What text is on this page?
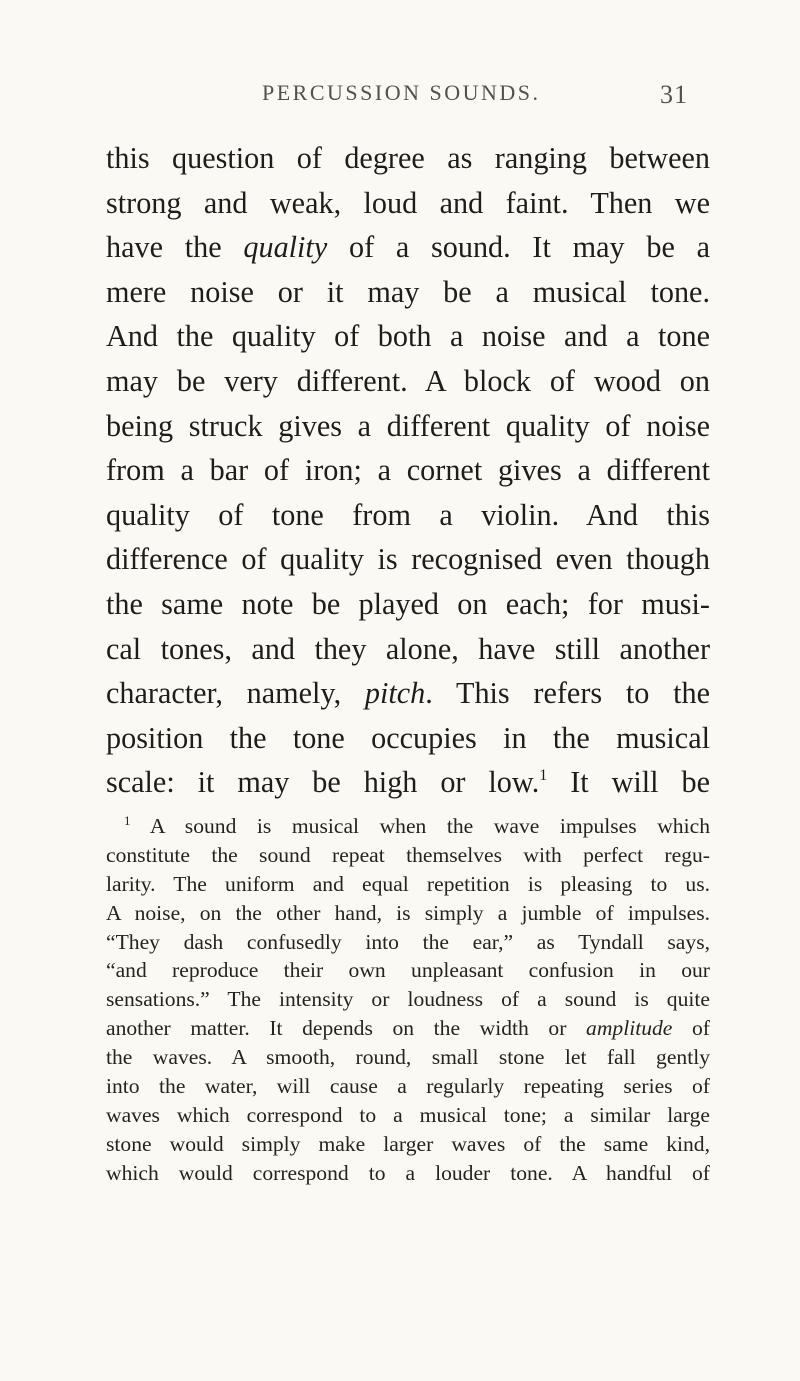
PERCUSSION SOUNDS.	31
this question of degree as ranging between
strong and weak, loud and faint. Then we
have the quality of a sound. It may be a
mere noise or it may be a musical tone.
And the quality of both a noise and a tone
may be very different. A block of wood on
being struck gives a different quality of noise
from a bar of iron; a cornet gives a different
quality of tone from a violin. And this
difference of quality is recognised even though
the same note be played on each; for musi-
cal tones, and they alone, have still another
character, namely, pitch. This refers to the
position the tone occupies in the musical
scale: it may be high or low.$^1$ It will be
$^1$ A sound is musical when the wave impulses which
constitute the sound repeat themselves with perfect regu-
larity. The uniform and equal repetition is pleasing to us.
A noise, on the other hand, is simply a jumble of impulses.
“They dash confusedly into the ear,” as Tyndall says,
“and reproduce their own unpleasant confusion in our
sensations.” The intensity or loudness of a sound is quite
another matter. It depends on the width or amplitude of
the waves. A smooth, round, small stone let fall gently
into the water, will cause a regularly repeating series of
waves which correspond to a musical tone; a similar large
stone would simply make larger waves of the same kind,
which would correspond to a louder tone. A handful of
